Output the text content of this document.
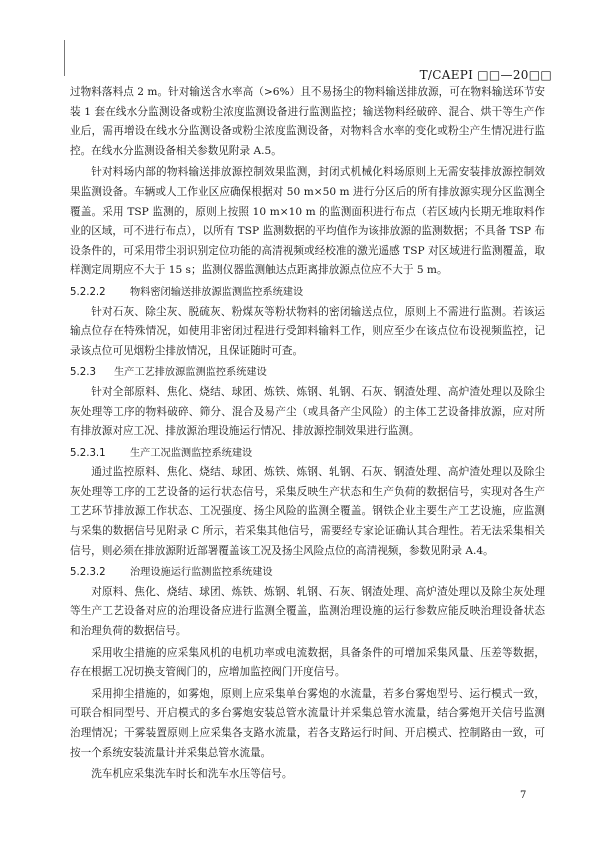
T/CAEPI □□—20□□

过物料落料点 2 m。针对输送含水率高（>6%）且不易扬尘的物料输送排放源，可在物料输送环节安装 1 套在线水分监测设备或粉尘浓度监测设备进行监测监控；输送物料经破碎、混合、烘干等生产作业后，需再增设在线水分监测设备或粉尘浓度监测设备，对物料含水率的变化或粉尘产生情况进行监控。在线水分监测设备相关参数见附录 A.5。

针对料场内部的物料输送排放源控制效果监测，封闭式机械化料场原则上无需安装排放源控制效果监测设备。车辆或人工作业区应确保根据对 50 m×50 m 进行分区后的所有排放源实现分区监测全覆盖。采用 TSP 监测的，原则上按照 10 m×10 m 的监测面积进行布点（若区域内长期无堆取料作业的区域，可不进行布点），以所有 TSP 监测数据的平均值作为该排放源的监测数据；不具备 TSP 布设条件的，可采用带尘羽识别定位功能的高清视频或经校准的激光遥感 TSP 对区域进行监测覆盖，取样测定周期应不大于 15 s；监测仪器监测触达点距离排放源点位应不大于 5 m。

5.2.2.2	物料密闭输送排放源监测监控系统建设

针对石灰、除尘灰、脱硫灰、粉煤灰等粉状物料的密闭输送点位，原则上不需进行监测。若该运输点位存在特殊情况，如使用非密闭过程进行受卸料输料工作，则应至少在该点位布设视频监控，记录该点位可见烟粉尘排放情况，且保证随时可查。

5.2.3	生产工艺排放源监测监控系统建设

针对全部原料、焦化、烧结、球团、炼铁、炼钢、轧钢、石灰、钢渣处理、高炉渣处理以及除尘灰处理等工序的物料破碎、筛分、混合及易产尘（或具备产尘风险）的主体工艺设备排放源，应对所有排放源对应工况、排放源治理设施运行情况、排放源控制效果进行监测。

5.2.3.1	生产工况监测监控系统建设

通过监控原料、焦化、烧结、球团、炼铁、炼钢、轧钢、石灰、钢渣处理、高炉渣处理以及除尘灰处理等工序的工艺设备的运行状态信号，采集反映生产状态和生产负荷的数据信号，实现对各生产工艺环节排放源工作状态、工况强度、扬尘风险的监测全覆盖。钢铁企业主要生产工艺设施，应监测与采集的数据信号见附录 C 所示，若采集其他信号，需要经专家论证确认其合理性。若无法采集相关信号，则必须在排放源附近部署覆盖该工况及扬尘风险点位的高清视频，参数见附录 A.4。

5.2.3.2	治理设施运行监测监控系统建设

对原料、焦化、烧结、球团、炼铁、炼钢、轧钢、石灰、钢渣处理、高炉渣处理以及除尘灰处理等生产工艺设备对应的治理设备应进行监测全覆盖，监测治理设施的运行参数应能反映治理设备状态和治理负荷的数据信号。

采用收尘措施的应采集风机的电机功率或电流数据，具备条件的可增加采集风量、压差等数据，存在根据工况切换支管阀门的，应增加监控阀门开度信号。

采用抑尘措施的，如雾炮，原则上应采集单台雾炮的水流量，若多台雾炮型号、运行模式一致，可联合相同型号、开启模式的多台雾炮安装总管水流量计并采集总管水流量，结合雾炮开关信号监测治理情况；干雾装置原则上应采集各支路水流量，若各支路运行时间、开启模式、控制路由一致，可按一个系统安装流量计并采集总管水流量。

洗车机应采集洗车时长和洗车水压等信号。

7
